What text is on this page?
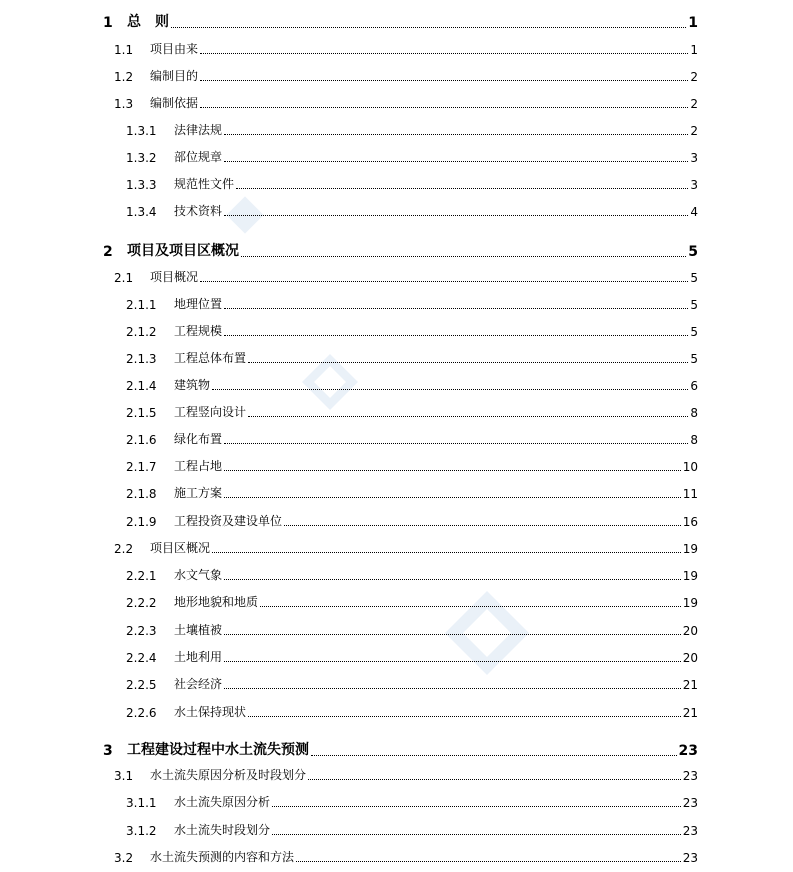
1	总　则	1
1.1	项目由来	1
1.2	编制目的	2
1.3	编制依据	2
1.3.1	法律法规	2
1.3.2	部位规章	3
1.3.3	规范性文件	3
1.3.4	技术资料	4
2	项目及项目区概况	5
2.1	项目概况	5
2.1.1	地理位置	5
2.1.2	工程规模	5
2.1.3	工程总体布置	5
2.1.4	建筑物	6
2.1.5	工程竖向设计	8
2.1.6	绿化布置	8
2.1.7	工程占地	10
2.1.8	施工方案	11
2.1.9	工程投资及建设单位	16
2.2	项目区概况	19
2.2.1	水文气象	19
2.2.2	地形地貌和地质	19
2.2.3	土壤植被	20
2.2.4	土地利用	20
2.2.5	社会经济	21
2.2.6	水土保持现状	21
3	工程建设过程中水土流失预测	23
3.1	水土流失原因分析及时段划分	23
3.1.1	水土流失原因分析	23
3.1.2	水土流失时段划分	23
3.2	水土流失预测的内容和方法	23
